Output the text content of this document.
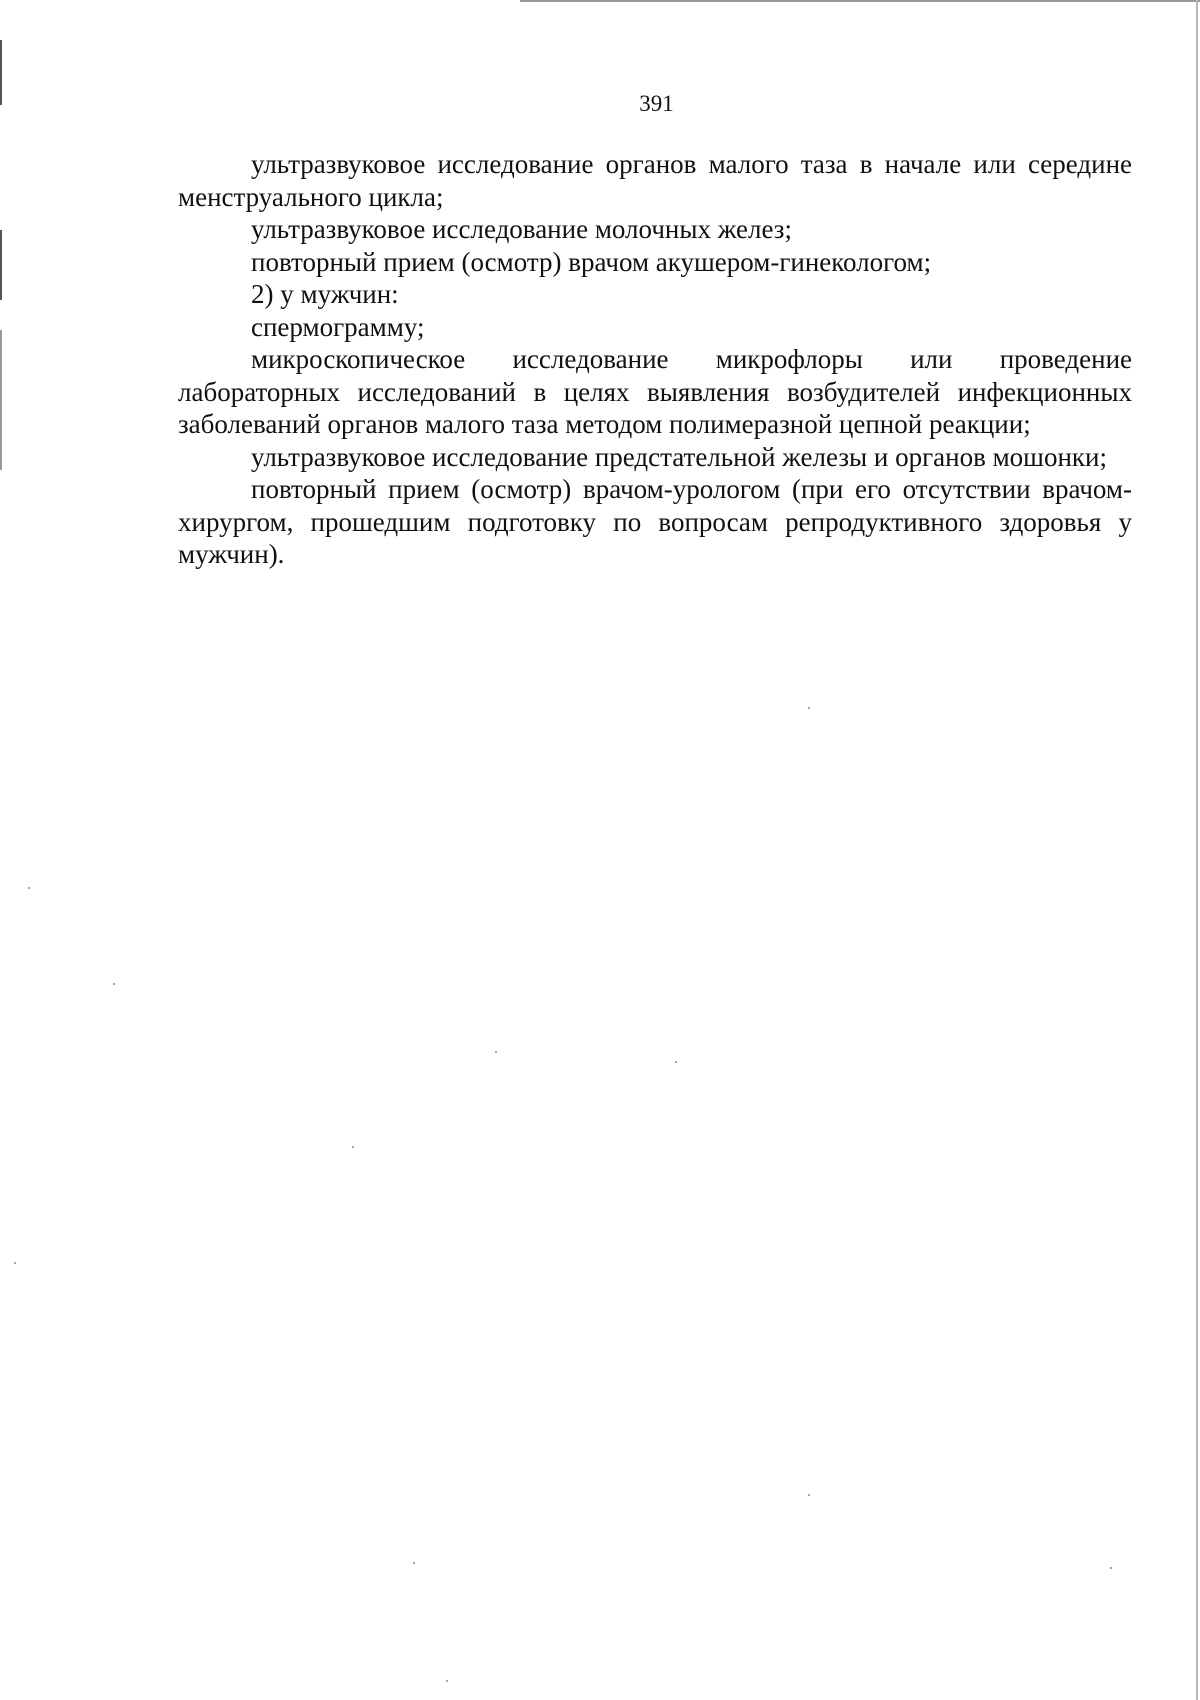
391

ультразвуковое исследование органов малого таза в начале или середине менструального цикла;

ультразвуковое исследование молочных желез;

повторный прием (осмотр) врачом акушером-гинекологом;

2) у мужчин:

спермограмму;

микроскопическое исследование микрофлоры или проведение лабораторных исследований в целях выявления возбудителей инфекционных заболеваний органов малого таза методом полимеразной цепной реакции;

ультразвуковое исследование предстательной железы и органов мошонки;

повторный прием (осмотр) врачом-урологом (при его отсутствии врачом-хирургом, прошедшим подготовку по вопросам репродуктивного здоровья у мужчин).
